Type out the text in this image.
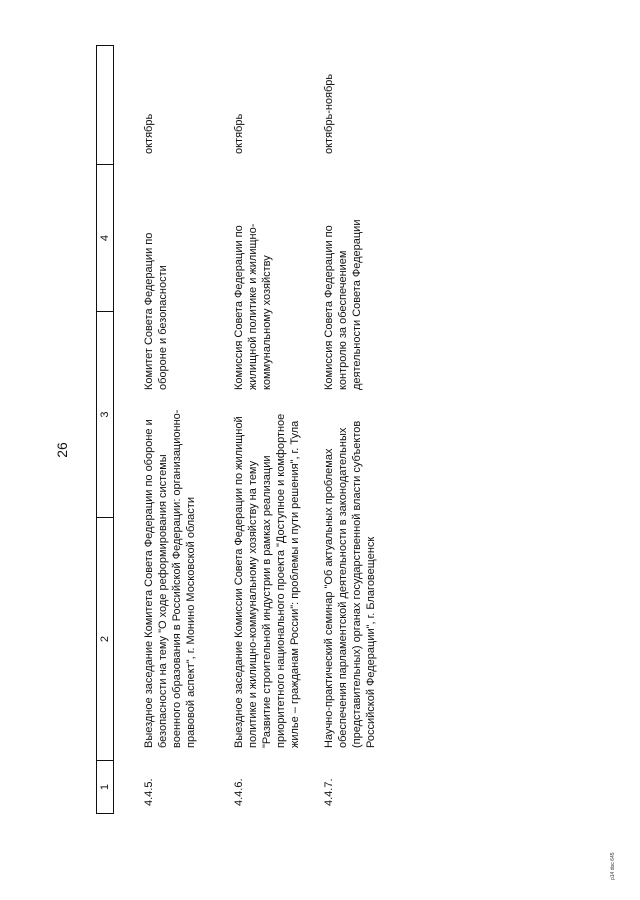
26
1
2
3
4
4.4.5.
Выездное заседание Комитета Совета Федерации по обороне и безопасности на тему "О ходе реформирования системы военного образования в Российской Федерации: организационно-правовой аспект", г. Монино Московской области
Комитет Совета Федерации по обороне и безопасности
октябрь
4.4.6.
Выездное заседание Комиссии Совета Федерации по жилищной политике и жилищно-коммунальному хозяйству на тему "Развитие строительной индустрии в рамках реализации приоритетного национального проекта "Доступное и комфортное жилье – гражданам России": проблемы и пути решения", г. Тула
Комиссия Совета Федерации по жилищной политике и жилищно-коммунальному хозяйству
октябрь
4.4.7.
Научно-практический семинар "Об актуальных проблемах обеспечения парламентской деятельности в законодательных (представительных) органах государственной власти субъектов Российской Федерации", г. Благовещенск
Комиссия Совета Федерации по контролю за обеспечением деятельности Совета Федерации
октябрь-ноябрь
p14 doc 645
